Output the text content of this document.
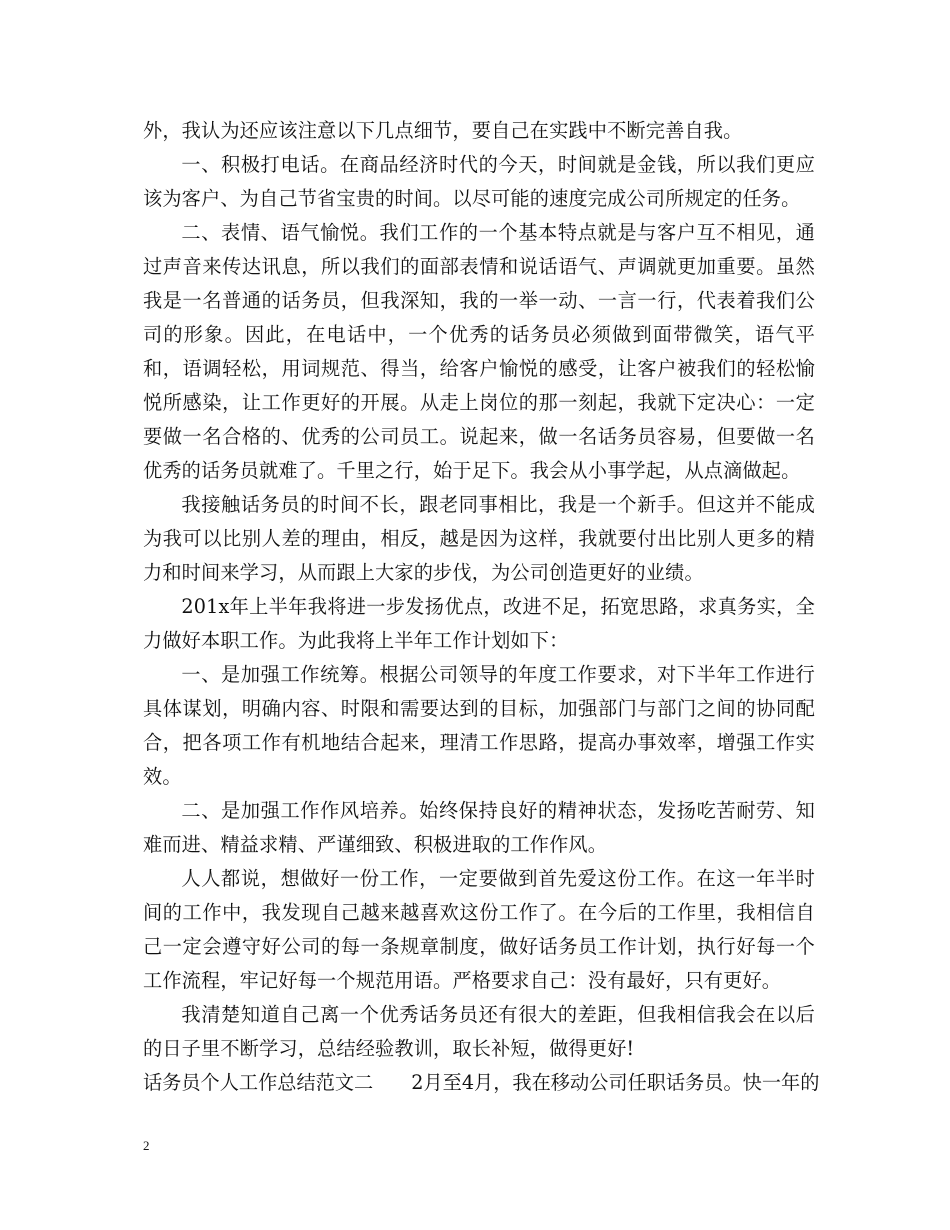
外，我认为还应该注意以下几点细节，要自己在实践中不断完善自我。

一、积极打电话。在商品经济时代的今天，时间就是金钱，所以我们更应该为客户、为自己节省宝贵的时间。以尽可能的速度完成公司所规定的任务。

二、表情、语气愉悦。我们工作的一个基本特点就是与客户互不相见，通过声音来传达讯息，所以我们的面部表情和说话语气、声调就更加重要。虽然我是一名普通的话务员，但我深知，我的一举一动、一言一行，代表着我们公司的形象。因此，在电话中，一个优秀的话务员必须做到面带微笑，语气平和，语调轻松，用词规范、得当，给客户愉悦的感受，让客户被我们的轻松愉悦所感染，让工作更好的开展。从走上岗位的那一刻起，我就下定决心：一定要做一名合格的、优秀的公司员工。说起来，做一名话务员容易，但要做一名优秀的话务员就难了。千里之行，始于足下。我会从小事学起，从点滴做起。

我接触话务员的时间不长，跟老同事相比，我是一个新手。但这并不能成为我可以比别人差的理由，相反，越是因为这样，我就要付出比别人更多的精力和时间来学习，从而跟上大家的步伐，为公司创造更好的业绩。

201x年上半年我将进一步发扬优点，改进不足，拓宽思路，求真务实，全力做好本职工作。为此我将上半年工作计划如下：

一、是加强工作统筹。根据公司领导的年度工作要求，对下半年工作进行具体谋划，明确内容、时限和需要达到的目标，加强部门与部门之间的协同配合，把各项工作有机地结合起来，理清工作思路，提高办事效率，增强工作实效。

二、是加强工作作风培养。始终保持良好的精神状态，发扬吃苦耐劳、知难而进、精益求精、严谨细致、积极进取的工作作风。

人人都说，想做好一份工作，一定要做到首先爱这份工作。在这一年半时间的工作中，我发现自己越来越喜欢这份工作了。在今后的工作里，我相信自己一定会遵守好公司的每一条规章制度，做好话务员工作计划，执行好每一个工作流程，牢记好每一个规范用语。严格要求自己：没有最好，只有更好。

我清楚知道自己离一个优秀话务员还有很大的差距，但我相信我会在以后的日子里不断学习，总结经验教训，取长补短，做得更好!

话务员个人工作总结范文二 2月至4月，我在移动公司任职话务员。快一年的

2
